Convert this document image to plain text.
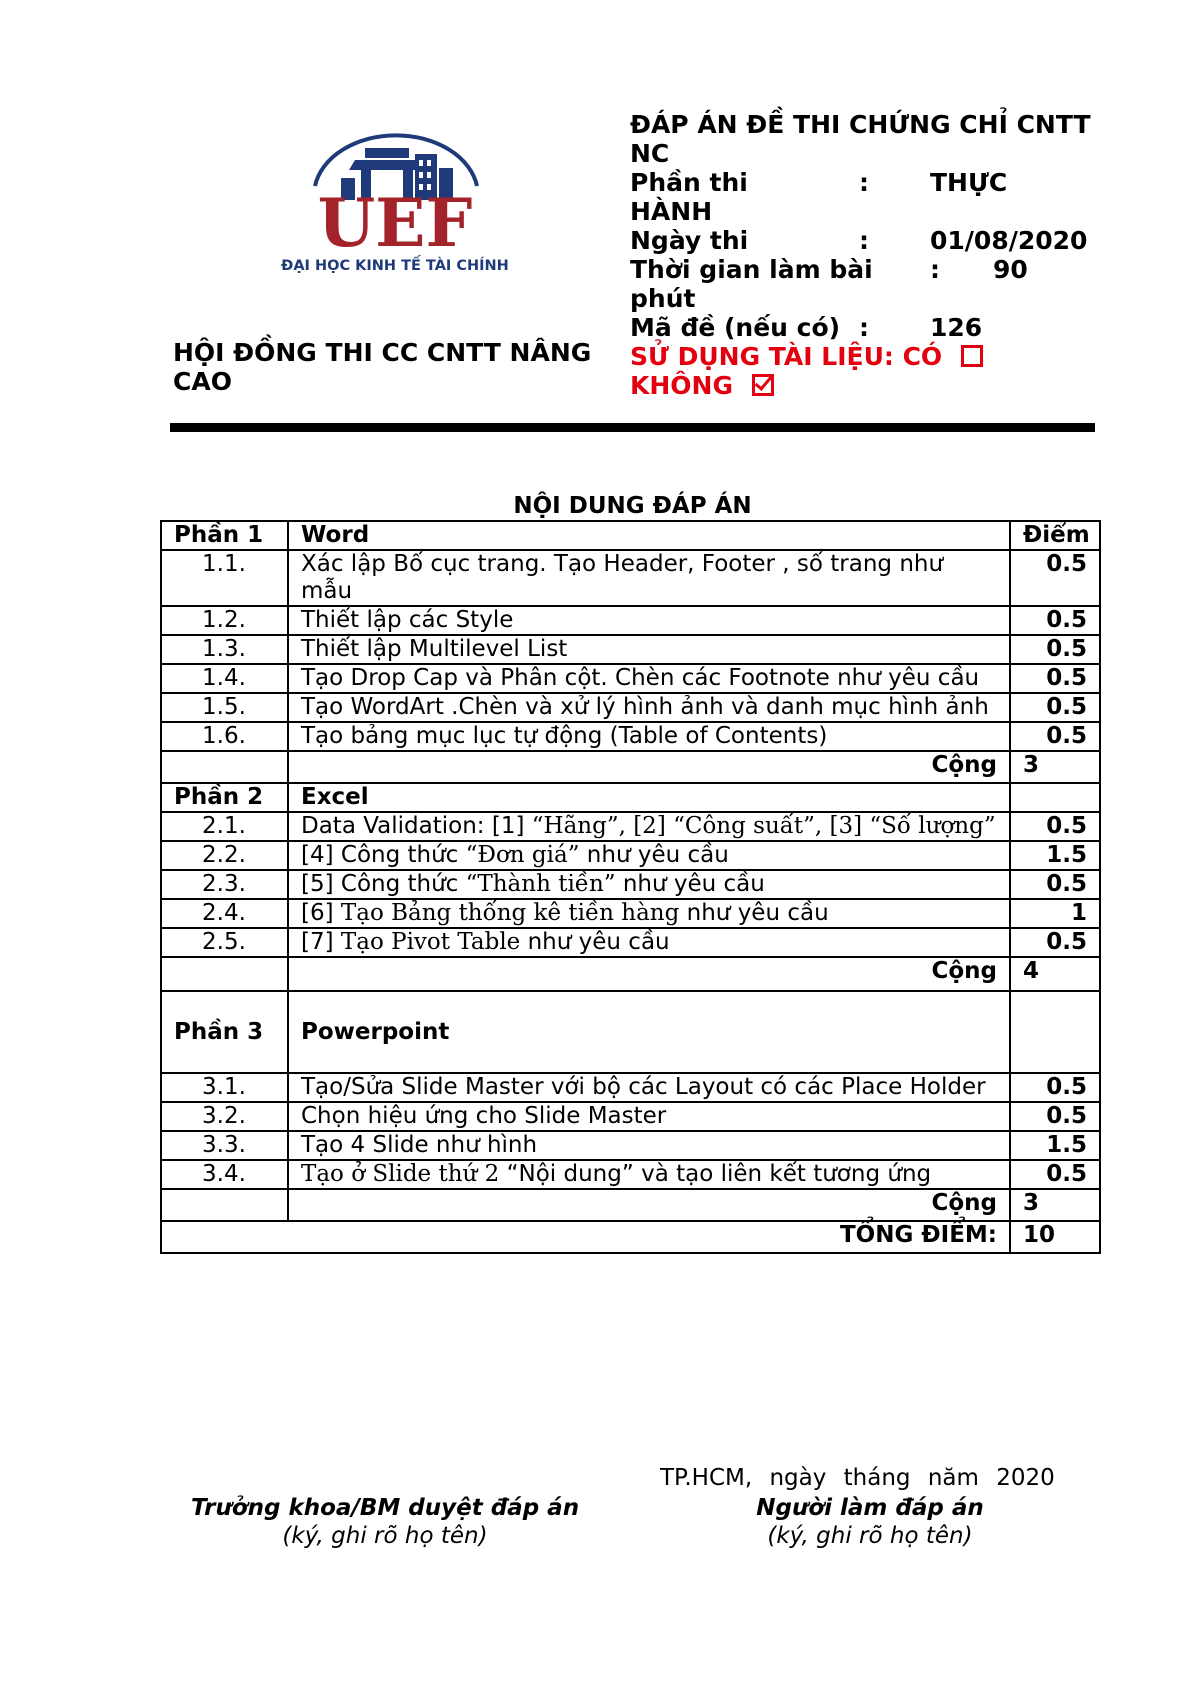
UEF
ĐẠI HỌC KINH TẾ TÀI CHÍNH
HỘI ĐỒNG THI CC CNTT NÂNG CAO
ĐÁP ÁN ĐỀ THI CHỨNG CHỈ CNTT NC
Phần thi	: THỰC
HÀNH
Ngày thi	: 01/08/2020
Thời gian làm bài : 90
phút
Mã đề (nếu có) : 126
SỬ DỤNG TÀI LIỆU: CÓ
KHÔNG
NỘI DUNG ĐÁP ÁN
Phần 1	Word	Điểm
1.1.	Xác lập Bố cục trang. Tạo Header, Footer , số trang như mẫu	0.5
1.2.	Thiết lập các Style	0.5
1.3.	Thiết lập Multilevel List	0.5
1.4.	Tạo Drop Cap và Phân cột. Chèn các Footnote như yêu cầu	0.5
1.5.	Tạo WordArt .Chèn và xử lý hình ảnh và danh mục hình ảnh	0.5
1.6.	Tạo bảng mục lục tự động (Table of Contents)	0.5
	Cộng	3
Phần 2	Excel	
2.1.	Data Validation: [1] “Hãng”, [2] “Công suất”, [3] “Số lượng”	0.5
2.2.	[4] Công thức “Đơn giá” như yêu cầu	1.5
2.3.	[5] Công thức “Thành tiền” như yêu cầu	0.5
2.4.	[6] Tạo Bảng thống kê tiền hàng như yêu cầu	1
2.5.	[7] Tạo Pivot Table như yêu cầu	0.5
	Cộng	4
Phần 3	Powerpoint	
3.1.	Tạo/Sửa Slide Master với bộ các Layout có các Place Holder	0.5
3.2.	Chọn hiệu ứng cho Slide Master	0.5
3.3.	Tạo 4 Slide như hình	1.5
3.4.	Tạo ở Slide thứ 2 “Nội dung” và tạo liên kết tương ứng	0.5
	Cộng	3
TỔNG ĐIỂM:		10
TP.HCM, ngày tháng năm 2020
Trưởng khoa/BM duyệt đáp án
(ký, ghi rõ họ tên)
Người làm đáp án
(ký, ghi rõ họ tên)
